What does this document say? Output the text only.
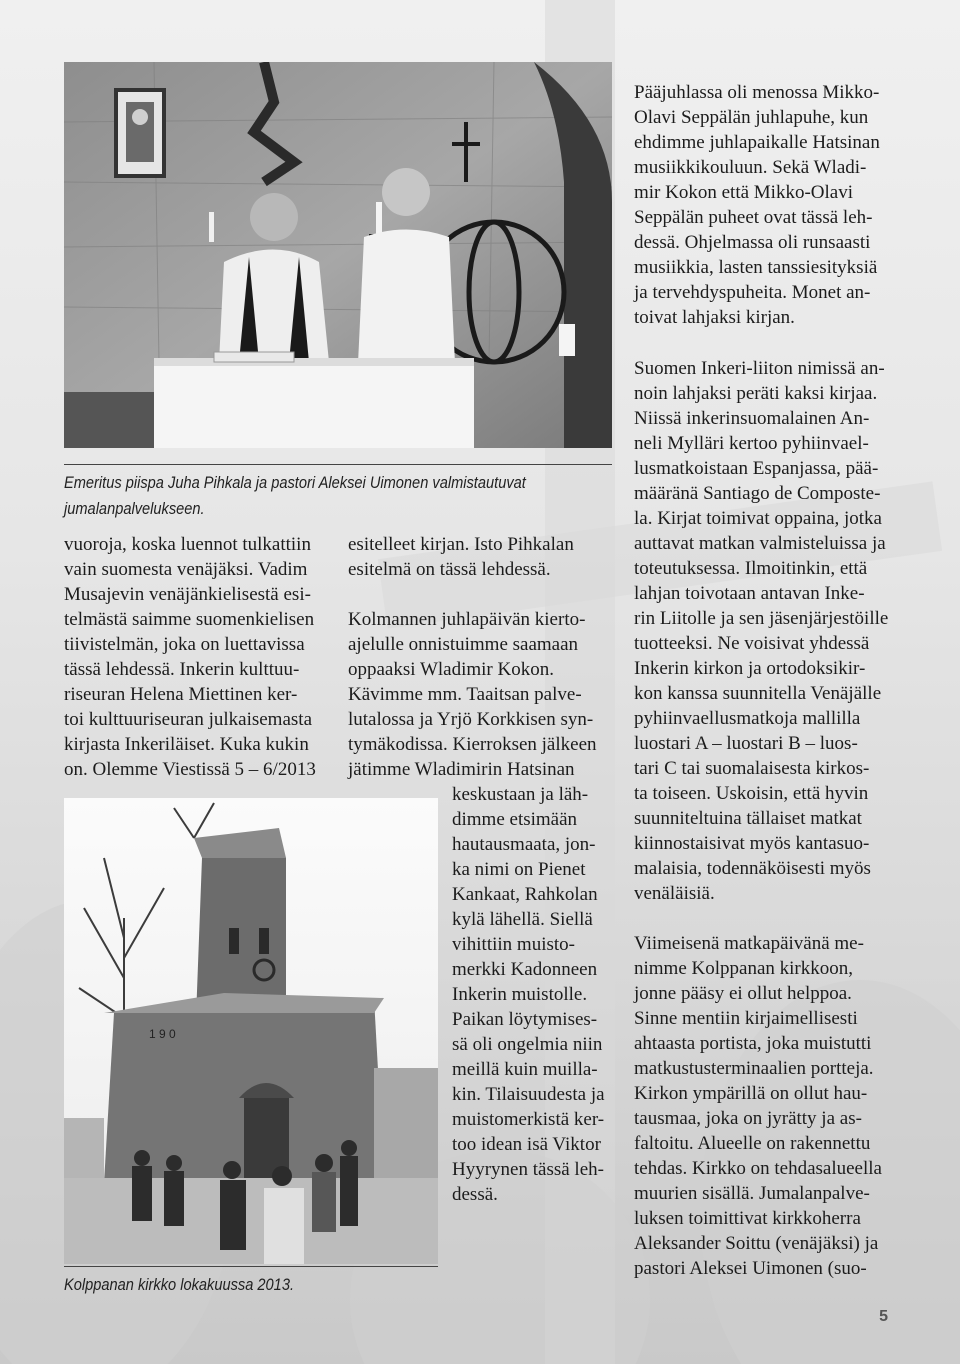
Emeritus piispa Juha Pihkala ja pastori Aleksei Uimonen valmistautuvat
jumalanpalvelukseen.

vuoroja, koska luennot tulkattiin

vain suomesta venäjäksi. Vadim

Musajevin venäjänkielisestä esi-

telmästä saimme suomenkielisen

tiivistelmän, joka on luettavissa

tässä lehdessä. Inkerin kulttuu-

riseuran Helena Miettinen ker-

toi kulttuuriseuran julkaisemasta

kirjasta Inkeriläiset. Kuka kukin

on. Olemme Viestissä 5 – 6/2013

esitelleet kirjan. Isto Pihkalan

esitelmä on tässä lehdessä.

Kolmannen juhlapäivän kierto-

ajelulle onnistuimme saamaan

oppaaksi Wladimir Kokon.

Kävimme mm. Taaitsan palve-

lutalossa ja Yrjö Korkkisen syn-

tymäkodissa. Kierroksen jälkeen

jätimme Wladimirin Hatsinan

keskustaan ja läh-

dimme etsimään

hautausmaata, jon-

ka nimi on Pienet

Kankaat, Rahkolan

kylä lähellä. Siellä

vihittiin muisto-

merkki Kadonneen

Inkerin muistolle.

Paikan löytymises-

sä oli ongelmia niin

meillä kuin muilla-

kin. Tilaisuudesta ja

muistomerkistä ker-

too idean isä Viktor

Hyyrynen tässä leh-

dessä.

Pääjuhlassa oli menossa Mikko-

Olavi Seppälän juhlapuhe, kun

ehdimme juhlapaikalle Hatsinan

musiikkikouluun. Sekä Wladi-

mir Kokon että Mikko-Olavi

Seppälän puheet ovat tässä leh-

dessä. Ohjelmassa oli runsaasti

musiikkia, lasten tanssiesityksiä

ja tervehdyspuheita. Monet an-

toivat lahjaksi kirjan.

Suomen Inkeri-liiton nimissä an-

noin lahjaksi peräti kaksi kirjaa.

Niissä inkerinsuomalainen An-

neli Mylläri kertoo pyhiinvael-

lusmatkoistaan Espanjassa, pää-

määränä Santiago de Composte-

la. Kirjat toimivat oppaina, jotka

auttavat matkan valmisteluissa ja

toteutuksessa. Ilmoitinkin, että

lahjan toivotaan antavan Inke-

rin Liitolle ja sen jäsenjärjestöille

tuotteeksi. Ne voisivat yhdessä

Inkerin kirkon ja ortodoksikir-

kon kanssa suunnitella Venäjälle

pyhiinvaellusmatkoja mallilla

luostari A – luostari B – luos-

tari C tai suomalaisesta kirkos-

ta toiseen. Uskoisin, että hyvin

suunniteltuina tällaiset matkat

kiinnostaisivat myös kantasuo-

malaisia, todennäköisesti myös

venäläisiä.

Viimeisenä matkapäivänä me-

nimme Kolppanan kirkkoon,

jonne pääsy ei ollut helppoa.

Sinne mentiin kirjaimellisesti

ahtaasta portista, joka muistutti

matkustusterminaalien portteja.

Kirkon ympärillä on ollut hau-

tausmaa, joka on jyrätty ja as-

faltoitu. Alueelle on rakennettu

tehdas. Kirkko on tehdasalueella

muurien sisällä. Jumalanpalve-

luksen toimittivat kirkkoherra

Aleksander Soittu (venäjäksi) ja

pastori Aleksei Uimonen (suo-

1 9 0
Kolppanan kirkko lokakuussa 2013.
5
